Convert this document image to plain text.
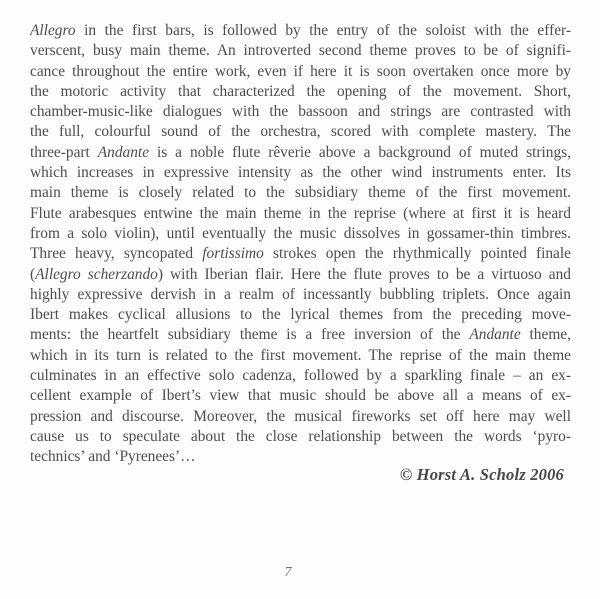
Allegro in the first bars, is followed by the entry of the soloist with the effer-
verscent, busy main theme. An introverted second theme proves to be of signifi-
cance throughout the entire work, even if here it is soon overtaken once more by
the motoric activity that characterized the opening of the movement. Short,
chamber-music-like dialogues with the bassoon and strings are contrasted with
the full, colourful sound of the orchestra, scored with complete mastery. The
three-part Andante is a noble flute rêverie above a background of muted strings,
which increases in expressive intensity as the other wind instruments enter. Its
main theme is closely related to the subsidiary theme of the first movement.
Flute arabesques entwine the main theme in the reprise (where at first it is heard
from a solo violin), until eventually the music dissolves in gossamer-thin timbres.
Three heavy, syncopated fortissimo strokes open the rhythmically pointed finale
(Allegro scherzando) with Iberian flair. Here the flute proves to be a virtuoso and
highly expressive dervish in a realm of incessantly bubbling triplets. Once again
Ibert makes cyclical allusions to the lyrical themes from the preceding move-
ments: the heartfelt subsidiary theme is a free inversion of the Andante theme,
which in its turn is related to the first movement. The reprise of the main theme
culminates in an effective solo cadenza, followed by a sparkling finale – an ex-
cellent example of Ibert’s view that music should be above all a means of ex-
pression and discourse. Moreover, the musical fireworks set off here may well
cause us to speculate about the close relationship between the words ‘pyro-
technics’ and ‘Pyrenees’…
© Horst A. Scholz 2006
7
